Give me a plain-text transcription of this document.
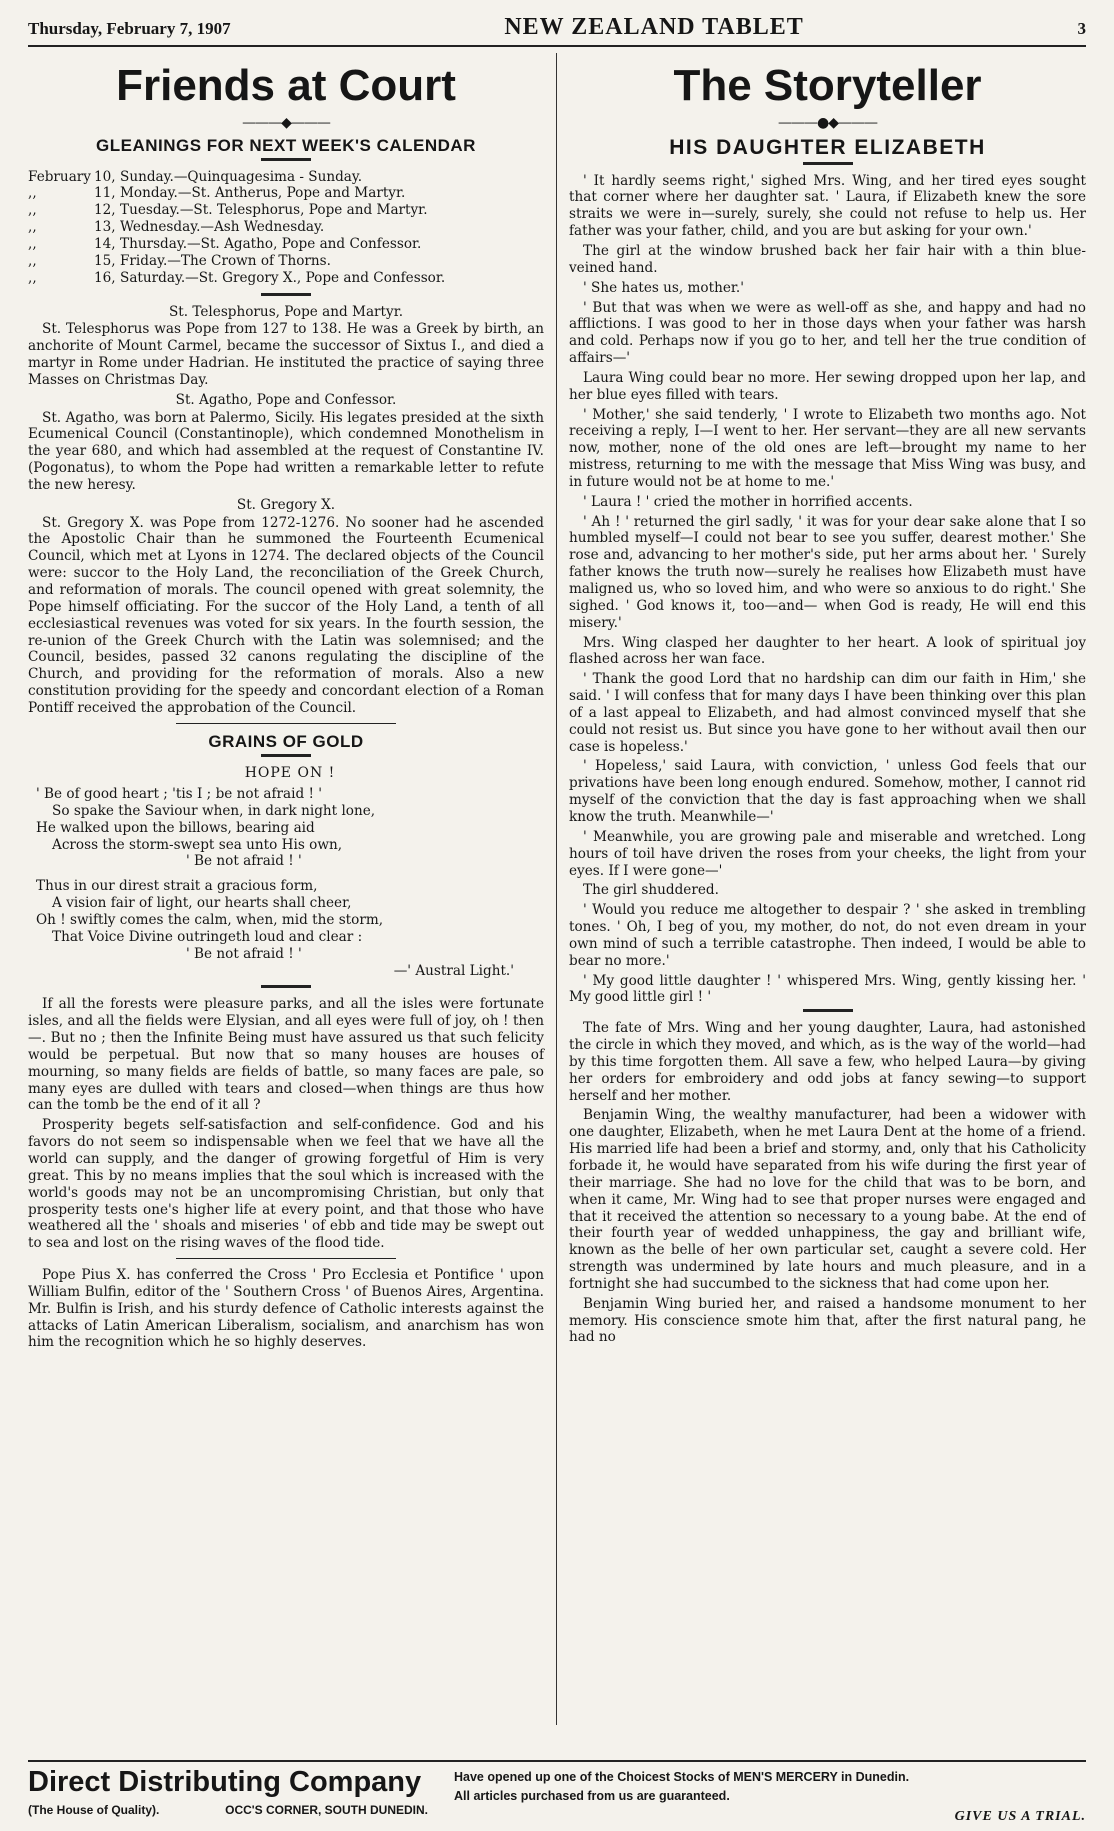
Thursday, February 7, 1907	NEW ZEALAND TABLET	3
Friends at Court
———◆———
GLEANINGS FOR NEXT WEEK'S CALENDAR
February 10, Sunday.—Quinquagesima - Sunday.
,,	11, Monday.—St. Antherus, Pope and Martyr.
,,	12, Tuesday.—St. Telesphorus, Pope and Martyr.
,,	13, Wednesday.—Ash Wednesday.
,,	14, Thursday.—St. Agatho, Pope and Confessor.
,,	15, Friday.—The Crown of Thorns.
,,	16, Saturday.—St. Gregory X., Pope and Confessor.
St. Telesphorus, Pope and Martyr.

St. Telesphorus was Pope from 127 to 138. He was a Greek by birth, an anchorite of Mount Carmel, became the successor of Sixtus I., and died a martyr in Rome under Hadrian. He instituted the practice of saying three Masses on Christmas Day.

St. Agatho, Pope and Confessor.

St. Agatho, was born at Palermo, Sicily. His legates presided at the sixth Ecumenical Council (Constantinople), which condemned Monothelism in the year 680, and which had assembled at the request of Constantine IV. (Pogonatus), to whom the Pope had written a remarkable letter to refute the new heresy.

St. Gregory X.

St. Gregory X. was Pope from 1272-1276. No sooner had he ascended the Apostolic Chair than he summoned the Fourteenth Ecumenical Council, which met at Lyons in 1274. The declared objects of the Council were: succor to the Holy Land, the reconciliation of the Greek Church, and reformation of morals. The council opened with great solemnity, the Pope himself officiating. For the succor of the Holy Land, a tenth of all ecclesiastical revenues was voted for six years. In the fourth session, the re-union of the Greek Church with the Latin was solemnised; and the Council, besides, passed 32 canons regulating the discipline of the Church, and providing for the reformation of morals. Also a new constitution providing for the speedy and concordant election of a Roman Pontiff received the approbation of the Council.

GRAINS OF GOLD
HOPE ON !
' Be of good heart ; 'tis I ; be not afraid ! '
So spake the Saviour when, in dark night lone,
He walked upon the billows, bearing aid
Across the storm-swept sea unto His own,
' Be not afraid ! '
Thus in our direst strait a gracious form,
A vision fair of light, our hearts shall cheer,
Oh ! swiftly comes the calm, when, mid the storm,
That Voice Divine outringeth loud and clear :
' Be not afraid ! '
—' Austral Light.'

If all the forests were pleasure parks, and all the isles were fortunate isles, and all the fields were Elysian, and all eyes were full of joy, oh ! then—. But no ; then the Infinite Being must have assured us that such felicity would be perpetual. But now that so many houses are houses of mourning, so many fields are fields of battle, so many faces are pale, so many eyes are dulled with tears and closed—when things are thus how can the tomb be the end of it all ?

Prosperity begets self-satisfaction and self-confidence. God and his favors do not seem so indispensable when we feel that we have all the world can supply, and the danger of growing forgetful of Him is very great. This by no means implies that the soul which is increased with the world's goods may not be an uncompromising Christian, but only that prosperity tests one's higher life at every point, and that those who have weathered all the ' shoals and miseries ' of ebb and tide may be swept out to sea and lost on the rising waves of the flood tide.

Pope Pius X. has conferred the Cross ' Pro Ecclesia et Pontifice ' upon William Bulfin, editor of the ' Southern Cross ' of Buenos Aires, Argentina. Mr. Bulfin is Irish, and his sturdy defence of Catholic interests against the attacks of Latin American Liberalism, socialism, and anarchism has won him the recognition which he so highly deserves.

The Storyteller
———●◆———
HIS DAUGHTER ELIZABETH

' It hardly seems right,' sighed Mrs. Wing, and her tired eyes sought that corner where her daughter sat. ' Laura, if Elizabeth knew the sore straits we were in—surely, surely, she could not refuse to help us. Her father was your father, child, and you are but asking for your own.'

The girl at the window brushed back her fair hair with a thin blue-veined hand.

' She hates us, mother.'

' But that was when we were as well-off as she, and happy and had no afflictions. I was good to her in those days when your father was harsh and cold. Perhaps now if you go to her, and tell her the true condition of affairs—'

Laura Wing could bear no more. Her sewing dropped upon her lap, and her blue eyes filled with tears.

' Mother,' she said tenderly, ' I wrote to Elizabeth two months ago. Not receiving a reply, I—I went to her. Her servant—they are all new servants now, mother, none of the old ones are left—brought my name to her mistress, returning to me with the message that Miss Wing was busy, and in future would not be at home to me.'

' Laura ! ' cried the mother in horrified accents.

' Ah ! ' returned the girl sadly, ' it was for your dear sake alone that I so humbled myself—I could not bear to see you suffer, dearest mother.' She rose and, advancing to her mother's side, put her arms about her. ' Surely father knows the truth now—surely he realises how Elizabeth must have maligned us, who so loved him, and who were so anxious to do right.' She sighed. ' God knows it, too—and— when God is ready, He will end this misery.'

Mrs. Wing clasped her daughter to her heart. A look of spiritual joy flashed across her wan face.

' Thank the good Lord that no hardship can dim our faith in Him,' she said. ' I will confess that for many days I have been thinking over this plan of a last appeal to Elizabeth, and had almost convinced myself that she could not resist us. But since you have gone to her without avail then our case is hopeless.'

' Hopeless,' said Laura, with conviction, ' unless God feels that our privations have been long enough endured. Somehow, mother, I cannot rid myself of the conviction that the day is fast approaching when we shall know the truth. Meanwhile—'

' Meanwhile, you are growing pale and miserable and wretched. Long hours of toil have driven the roses from your cheeks, the light from your eyes. If I were gone—'

The girl shuddered.

' Would you reduce me altogether to despair ? ' she asked in trembling tones. ' Oh, I beg of you, my mother, do not, do not even dream in your own mind of such a terrible catastrophe. Then indeed, I would be able to bear no more.'

' My good little daughter ! ' whispered Mrs. Wing, gently kissing her. ' My good little girl ! '

The fate of Mrs. Wing and her young daughter, Laura, had astonished the circle in which they moved, and which, as is the way of the world—had by this time forgotten them. All save a few, who helped Laura—by giving her orders for embroidery and odd jobs at fancy sewing—to support herself and her mother.

Benjamin Wing, the wealthy manufacturer, had been a widower with one daughter, Elizabeth, when he met Laura Dent at the home of a friend. His married life had been a brief and stormy, and, only that his Catholicity forbade it, he would have separated from his wife during the first year of their marriage. She had no love for the child that was to be born, and when it came, Mr. Wing had to see that proper nurses were engaged and that it received the attention so necessary to a young babe. At the end of their fourth year of wedded unhappiness, the gay and brilliant wife, known as the belle of her own particular set, caught a severe cold. Her strength was undermined by late hours and much pleasure, and in a fortnight she had succumbed to the sickness that had come upon her.

Benjamin Wing buried her, and raised a handsome monument to her memory. His conscience smote him that, after the first natural pang, he had no

Direct Distributing Company
(The House of Quality).	OCC'S CORNER, SOUTH DUNEDIN.
Have opened up one of the Choicest Stocks of MEN'S MERCERY in Dunedin.
All articles purchased from us are guaranteed.
GIVE US A TRIAL.
